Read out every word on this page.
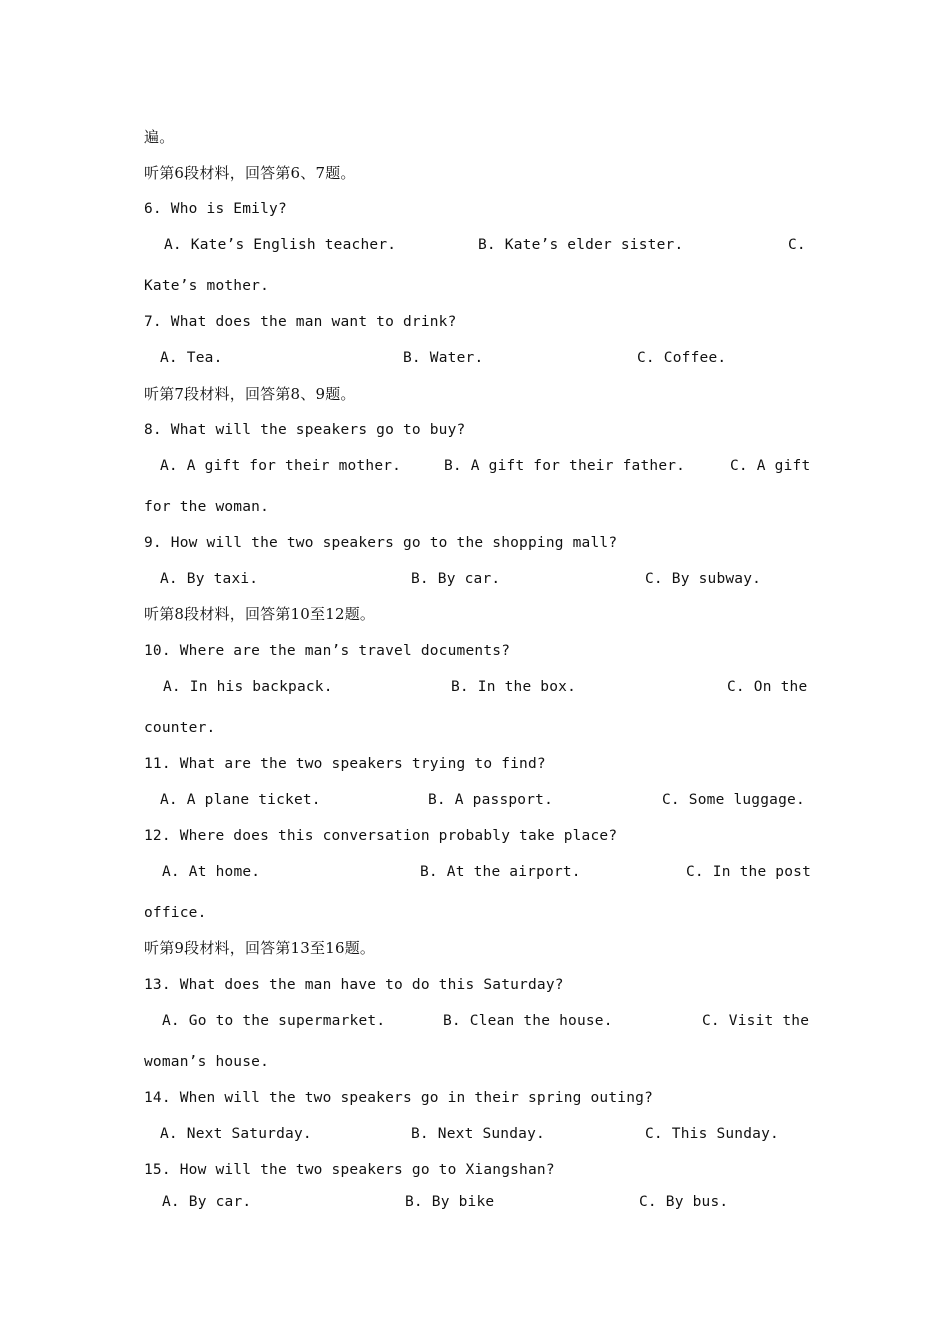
遍。
听第6段材料，回答第6、7题。
6. Who is Emily?
A. Kate’s English teacher.	B. Kate’s elder sister.	C.
Kate’s mother.
7. What does the man want to drink?
A. Tea.	B. Water.	C. Coffee.
听第7段材料，回答第8、9题。
8. What will the speakers go to buy?
A. A gift for their mother.	B. A gift for their father.	C. A gift
for the woman.
9. How will the two speakers go to the shopping mall?
A. By taxi.	B. By car.	C. By subway.
听第8段材料，回答第10至12题。
10. Where are the man’s travel documents?
A. In his backpack.	B. In the box.	C. On the
counter.
11. What are the two speakers trying to find?
A. A plane ticket.	B. A passport.	C. Some luggage.
12. Where does this conversation probably take place?
A. At home.	B. At the airport.	C. In the post
office.
听第9段材料，回答第13至16题。
13. What does the man have to do this Saturday?
A. Go to the supermarket.	B. Clean the house.	C. Visit the
woman’s house.
14. When will the two speakers go in their spring outing?
A. Next Saturday.	B. Next Sunday.	C. This Sunday.
15. How will the two speakers go to Xiangshan?
A. By car.	B. By bike	C. By bus.
